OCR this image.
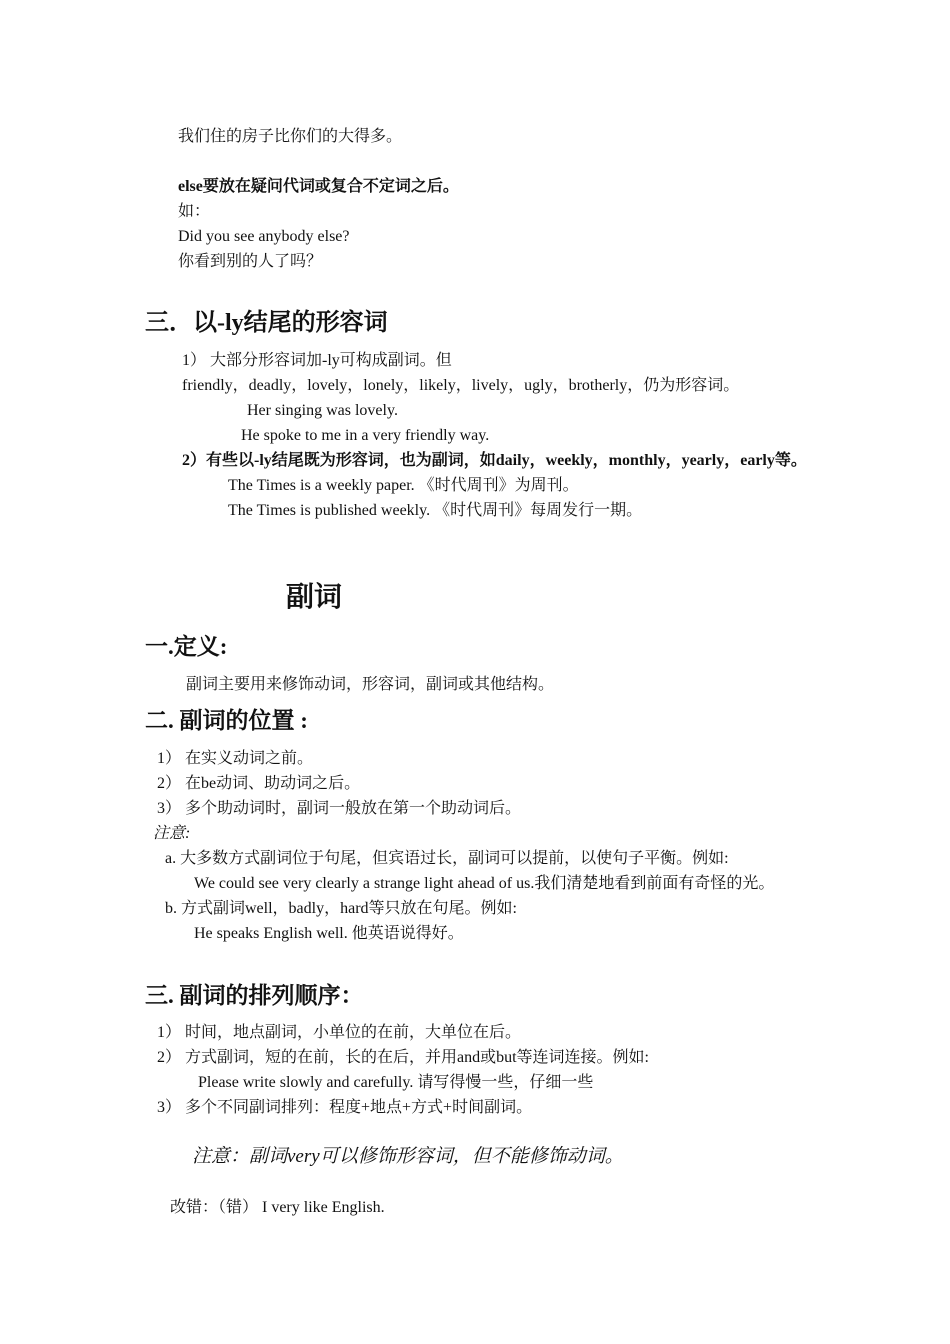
我们住的房子比你们的大得多。
else要放在疑问代词或复合不定词之后。
如：
Did you see anybody else?
你看到别的人了吗？
三．以-ly结尾的形容词
1） 大部分形容词加-ly可构成副词。但
friendly，deadly，lovely，lonely，likely，lively，ugly，brotherly，仍为形容词。
Her singing was lovely.
He spoke to me in a very friendly way.
2）有些以-ly结尾既为形容词，也为副词，如daily，weekly，monthly，yearly，early等。
The Times is a weekly paper. 《时代周刊》为周刊。
The Times is published weekly. 《时代周刊》每周发行一期。
副词
一.定义:
副词主要用来修饰动词，形容词，副词或其他结构。
二. 副词的位置 :
1） 在实义动词之前。
2） 在be动词、助动词之后。
3） 多个助动词时，副词一般放在第一个助动词后。
注意:
a. 大多数方式副词位于句尾，但宾语过长，副词可以提前，以使句子平衡。例如:
We could see very clearly a strange light ahead of us.我们清楚地看到前面有奇怪的光。
b. 方式副词well，badly，hard等只放在句尾。例如:
He speaks English well. 他英语说得好。
三. 副词的排列顺序：
1） 时间，地点副词，小单位的在前，大单位在后。
2） 方式副词，短的在前，长的在后，并用and或but等连词连接。例如:
Please write slowly and carefully. 请写得慢一些，仔细一些
3） 多个不同副词排列：程度+地点+方式+时间副词。
注意：副词very可以修饰形容词，但不能修饰动词。
改错：（错） I very like English.
